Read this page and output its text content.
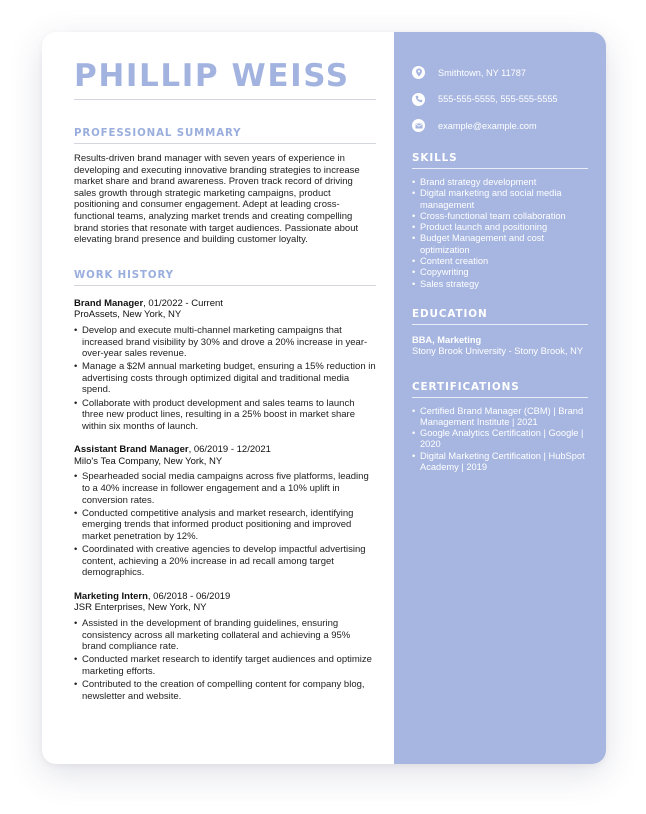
PHILLIP WEISS
PROFESSIONAL SUMMARY

Results-driven brand manager with seven years of experience in developing and executing innovative branding strategies to increase market share and brand awareness. Proven track record of driving sales growth through strategic marketing campaigns, product positioning and consumer engagement. Adept at leading cross-functional teams, analyzing market trends and creating compelling brand stories that resonate with target audiences. Passionate about elevating brand presence and building customer loyalty.

WORK HISTORY
Brand Manager, 01/2022 - Current
ProAssets, New York, NY
• Develop and execute multi-channel marketing campaigns that increased brand visibility by 30% and drove a 20% increase in year-over-year sales revenue.
• Manage a $2M annual marketing budget, ensuring a 15% reduction in advertising costs through optimized digital and traditional media spend.
• Collaborate with product development and sales teams to launch three new product lines, resulting in a 25% boost in market share within six months of launch.
Assistant Brand Manager, 06/2019 - 12/2021
Milo's Tea Company, New York, NY
• Spearheaded social media campaigns across five platforms, leading to a 40% increase in follower engagement and a 10% uplift in conversion rates.
• Conducted competitive analysis and market research, identifying emerging trends that informed product positioning and improved market penetration by 12%.
• Coordinated with creative agencies to develop impactful advertising content, achieving a 20% increase in ad recall among target demographics.
Marketing Intern, 06/2018 - 06/2019
JSR Enterprises, New York, NY
• Assisted in the development of branding guidelines, ensuring consistency across all marketing collateral and achieving a 95% brand compliance rate.
• Conducted market research to identify target audiences and optimize marketing efforts.
• Contributed to the creation of compelling content for company blog, newsletter and website.
Smithtown, NY 11787
555-555-5555, 555-555-5555
example@example.com
SKILLS
• Brand strategy development
• Digital marketing and social media management
• Cross-functional team collaboration
• Product launch and positioning
• Budget Management and cost optimization
• Content creation
• Copywriting
• Sales strategy
EDUCATION
BBA, Marketing
Stony Brook University - Stony Brook, NY
CERTIFICATIONS
• Certified Brand Manager (CBM) | Brand Management Institute | 2021
• Google Analytics Certification | Google | 2020
• Digital Marketing Certification | HubSpot Academy | 2019
